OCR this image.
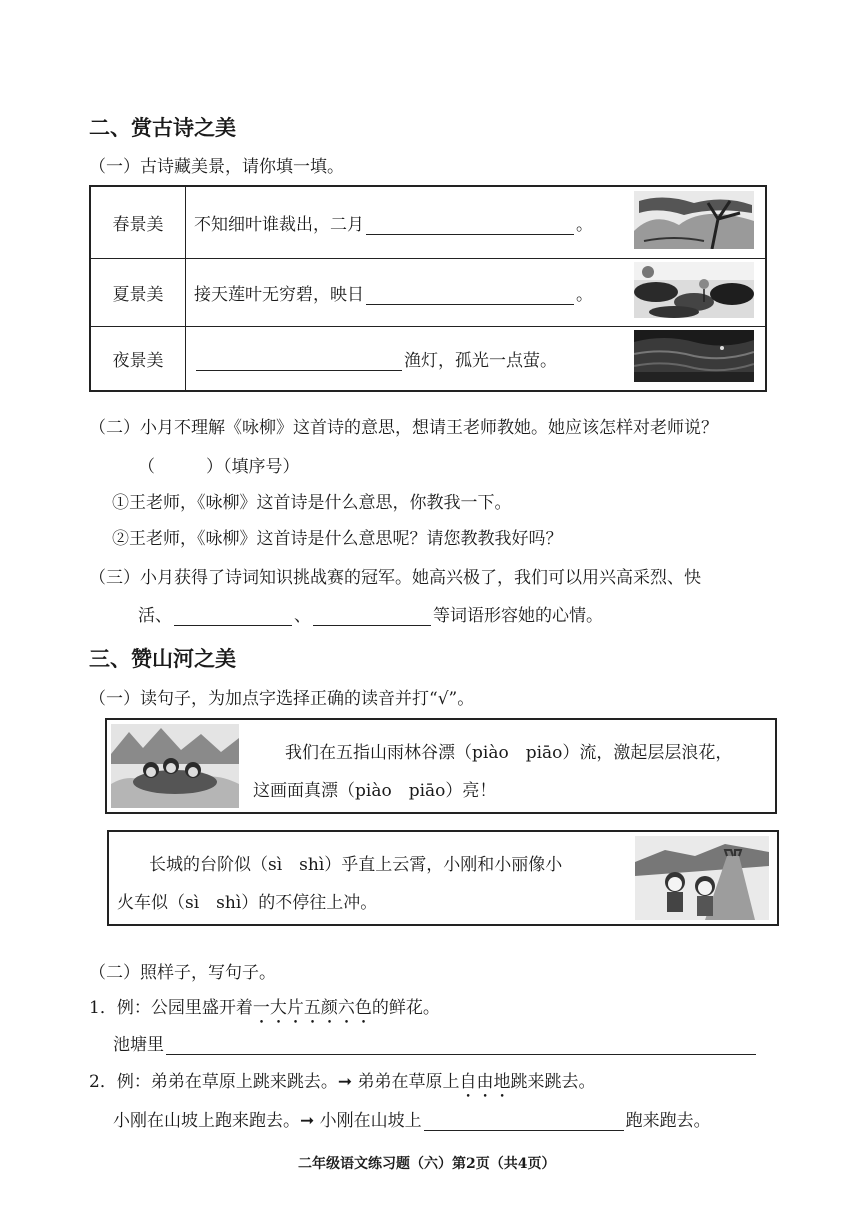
二、赏古诗之美
（一）古诗藏美景，请你填一填。
春景美	不知细叶谁裁出，二月 。	
夏景美	接天莲叶无穷碧，映日 。	
夜景美	渔灯，孤光一点萤。	
（二）小月不理解《咏柳》这首诗的意思，想请王老师教她。她应该怎样对老师说？
（　　　）（填序号）
①王老师，《咏柳》这首诗是什么意思，你教我一下。
②王老师，《咏柳》这首诗是什么意思呢？请您教教我好吗？
（三）小月获得了诗词知识挑战赛的冠军。她高兴极了，我们可以用兴高采烈、快
活、	、	等词语形容她的心情。
三、赞山河之美
（一）读句子，为加点字选择正确的读音并打“√”。
我们在五指山雨林谷漂（piào　piāo）流，激起层层浪花，
这画面真漂（piào　piāo）亮！
长城的台阶似（sì　shì）乎直上云霄，小刚和小丽像小
火车似（sì　shì）的不停往上冲。
（二）照样子，写句子。
1．例：公园里盛开着一大片五颜六色的鲜花。
池塘里
2．例：弟弟在草原上跳来跳去。➞ 弟弟在草原上自由地跳来跳去。
小刚在山坡上跑来跑去。➞ 小刚在山坡上	跑来跑去。
二年级语文练习题（六）第2页（共4页）
